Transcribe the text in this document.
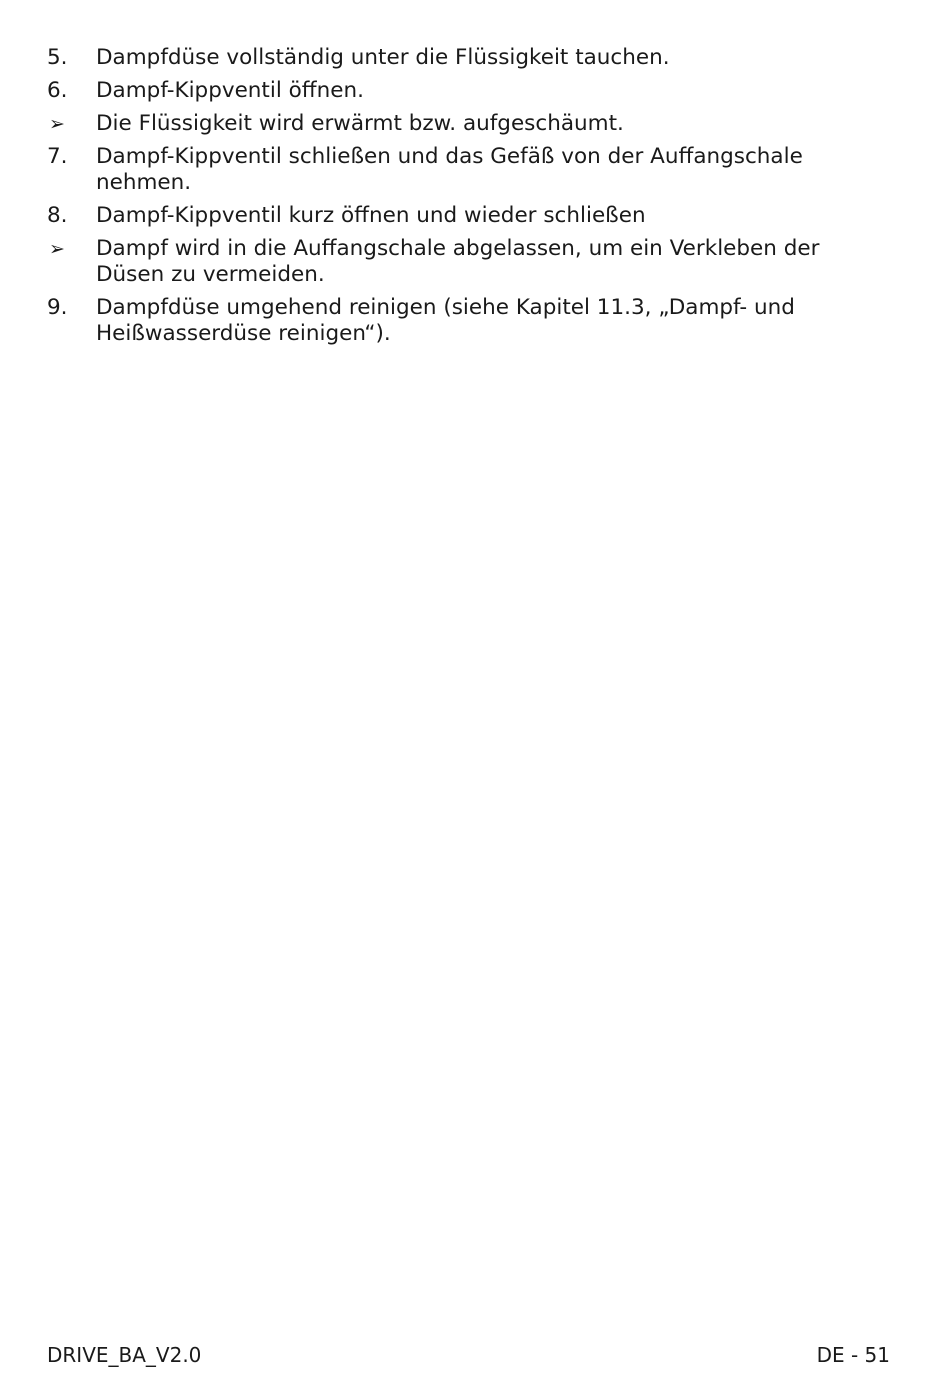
5.	Dampfdüse vollständig unter die Flüssigkeit tauchen.
6.	Dampf-Kippventil öffnen.
➢	Die Flüssigkeit wird erwärmt bzw. aufgeschäumt.
7.	Dampf-Kippventil schließen und das Gefäß von der Auffangschale nehmen.
8.	Dampf-Kippventil kurz öffnen und wieder schließen
➢	Dampf wird in die Auffangschale abgelassen, um ein Verkleben der Düsen zu vermeiden.
9.	Dampfdüse umgehend reinigen (siehe Kapitel 11.3, „Dampf- und Heißwasserdüse reinigen“).
DRIVE_BA_V2.0	DE - 51
